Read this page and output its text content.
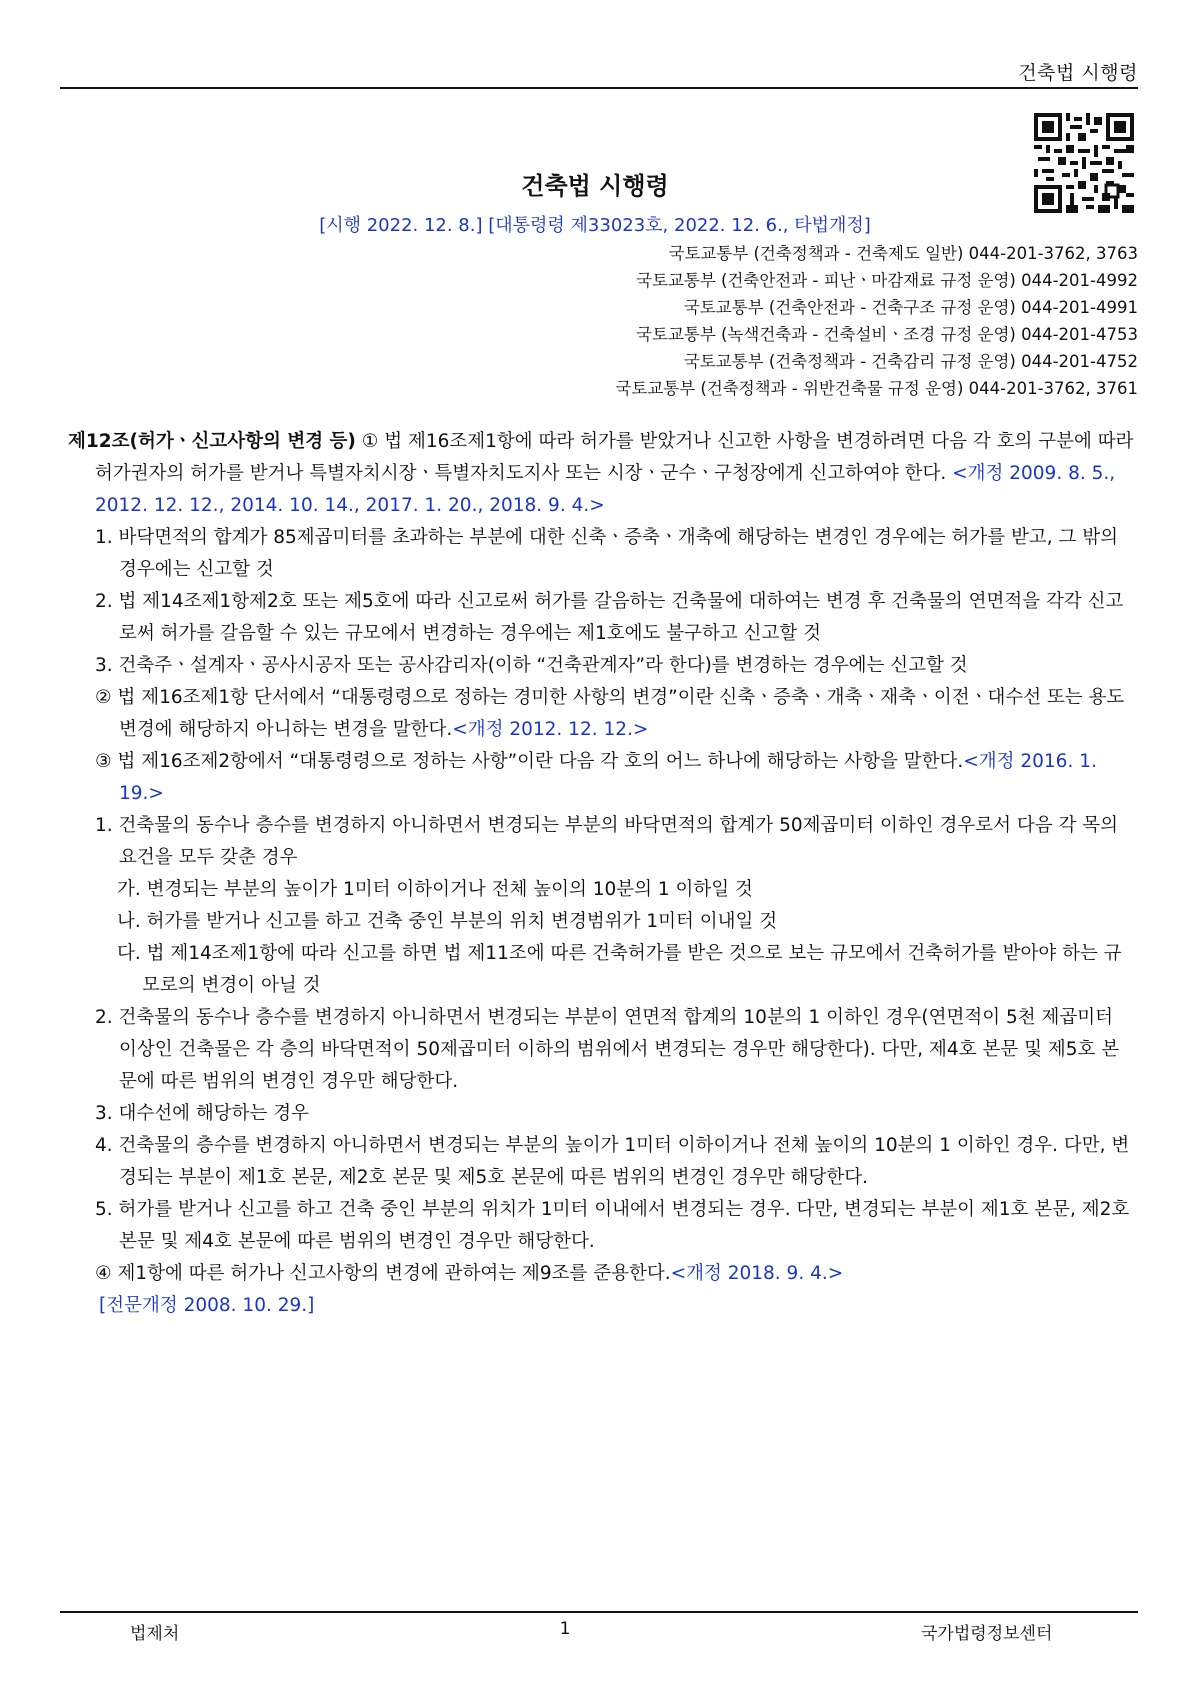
건축법 시행령
건축법 시행령
[시행 2022. 12. 8.] [대통령령 제33023호, 2022. 12. 6., 타법개정]
국토교통부 (건축정책과 - 건축제도 일반) 044-201-3762, 3763
국토교통부 (건축안전과 - 피난ㆍ마감재료 규정 운영) 044-201-4992
국토교통부 (건축안전과 - 건축구조 규정 운영) 044-201-4991
국토교통부 (녹색건축과 - 건축설비ㆍ조경 규정 운영) 044-201-4753
국토교통부 (건축정책과 - 건축감리 규정 운영) 044-201-4752
국토교통부 (건축정책과 - 위반건축물 규정 운영) 044-201-3762, 3761

제12조(허가ㆍ신고사항의 변경 등) ① 법 제16조제1항에 따라 허가를 받았거나 신고한 사항을 변경하려면 다음 각 호의 구분에 따라 허가권자의 허가를 받거나 특별자치시장ㆍ특별자치도지사 또는 시장ㆍ군수ㆍ구청장에게 신고하여야 한다. <개정 2009. 8. 5., 2012. 12. 12., 2014. 10. 14., 2017. 1. 20., 2018. 9. 4.>

1. 바닥면적의 합계가 85제곱미터를 초과하는 부분에 대한 신축ㆍ증축ㆍ개축에 해당하는 변경인 경우에는 허가를 받고, 그 밖의 경우에는 신고할 것

2. 법 제14조제1항제2호 또는 제5호에 따라 신고로써 허가를 갈음하는 건축물에 대하여는 변경 후 건축물의 연면적을 각각 신고로써 허가를 갈음할 수 있는 규모에서 변경하는 경우에는 제1호에도 불구하고 신고할 것

3. 건축주ㆍ설계자ㆍ공사시공자 또는 공사감리자(이하 “건축관계자”라 한다)를 변경하는 경우에는 신고할 것

② 법 제16조제1항 단서에서 “대통령령으로 정하는 경미한 사항의 변경”이란 신축ㆍ증축ㆍ개축ㆍ재축ㆍ이전ㆍ대수선 또는 용도변경에 해당하지 아니하는 변경을 말한다.<개정 2012. 12. 12.>

③ 법 제16조제2항에서 “대통령령으로 정하는 사항”이란 다음 각 호의 어느 하나에 해당하는 사항을 말한다.<개정 2016. 1. 19.>

1. 건축물의 동수나 층수를 변경하지 아니하면서 변경되는 부분의 바닥면적의 합계가 50제곱미터 이하인 경우로서 다음 각 목의 요건을 모두 갖춘 경우

가. 변경되는 부분의 높이가 1미터 이하이거나 전체 높이의 10분의 1 이하일 것

나. 허가를 받거나 신고를 하고 건축 중인 부분의 위치 변경범위가 1미터 이내일 것

다. 법 제14조제1항에 따라 신고를 하면 법 제11조에 따른 건축허가를 받은 것으로 보는 규모에서 건축허가를 받아야 하는 규모로의 변경이 아닐 것

2. 건축물의 동수나 층수를 변경하지 아니하면서 변경되는 부분이 연면적 합계의 10분의 1 이하인 경우(연면적이 5천 제곱미터 이상인 건축물은 각 층의 바닥면적이 50제곱미터 이하의 범위에서 변경되는 경우만 해당한다). 다만, 제4호 본문 및 제5호 본문에 따른 범위의 변경인 경우만 해당한다.

3. 대수선에 해당하는 경우

4. 건축물의 층수를 변경하지 아니하면서 변경되는 부분의 높이가 1미터 이하이거나 전체 높이의 10분의 1 이하인 경우. 다만, 변경되는 부분이 제1호 본문, 제2호 본문 및 제5호 본문에 따른 범위의 변경인 경우만 해당한다.

5. 허가를 받거나 신고를 하고 건축 중인 부분의 위치가 1미터 이내에서 변경되는 경우. 다만, 변경되는 부분이 제1호 본문, 제2호 본문 및 제4호 본문에 따른 범위의 변경인 경우만 해당한다.

④ 제1항에 따른 허가나 신고사항의 변경에 관하여는 제9조를 준용한다.<개정 2018. 9. 4.>

[전문개정 2008. 10. 29.]

법제처	1	국가법령정보센터
